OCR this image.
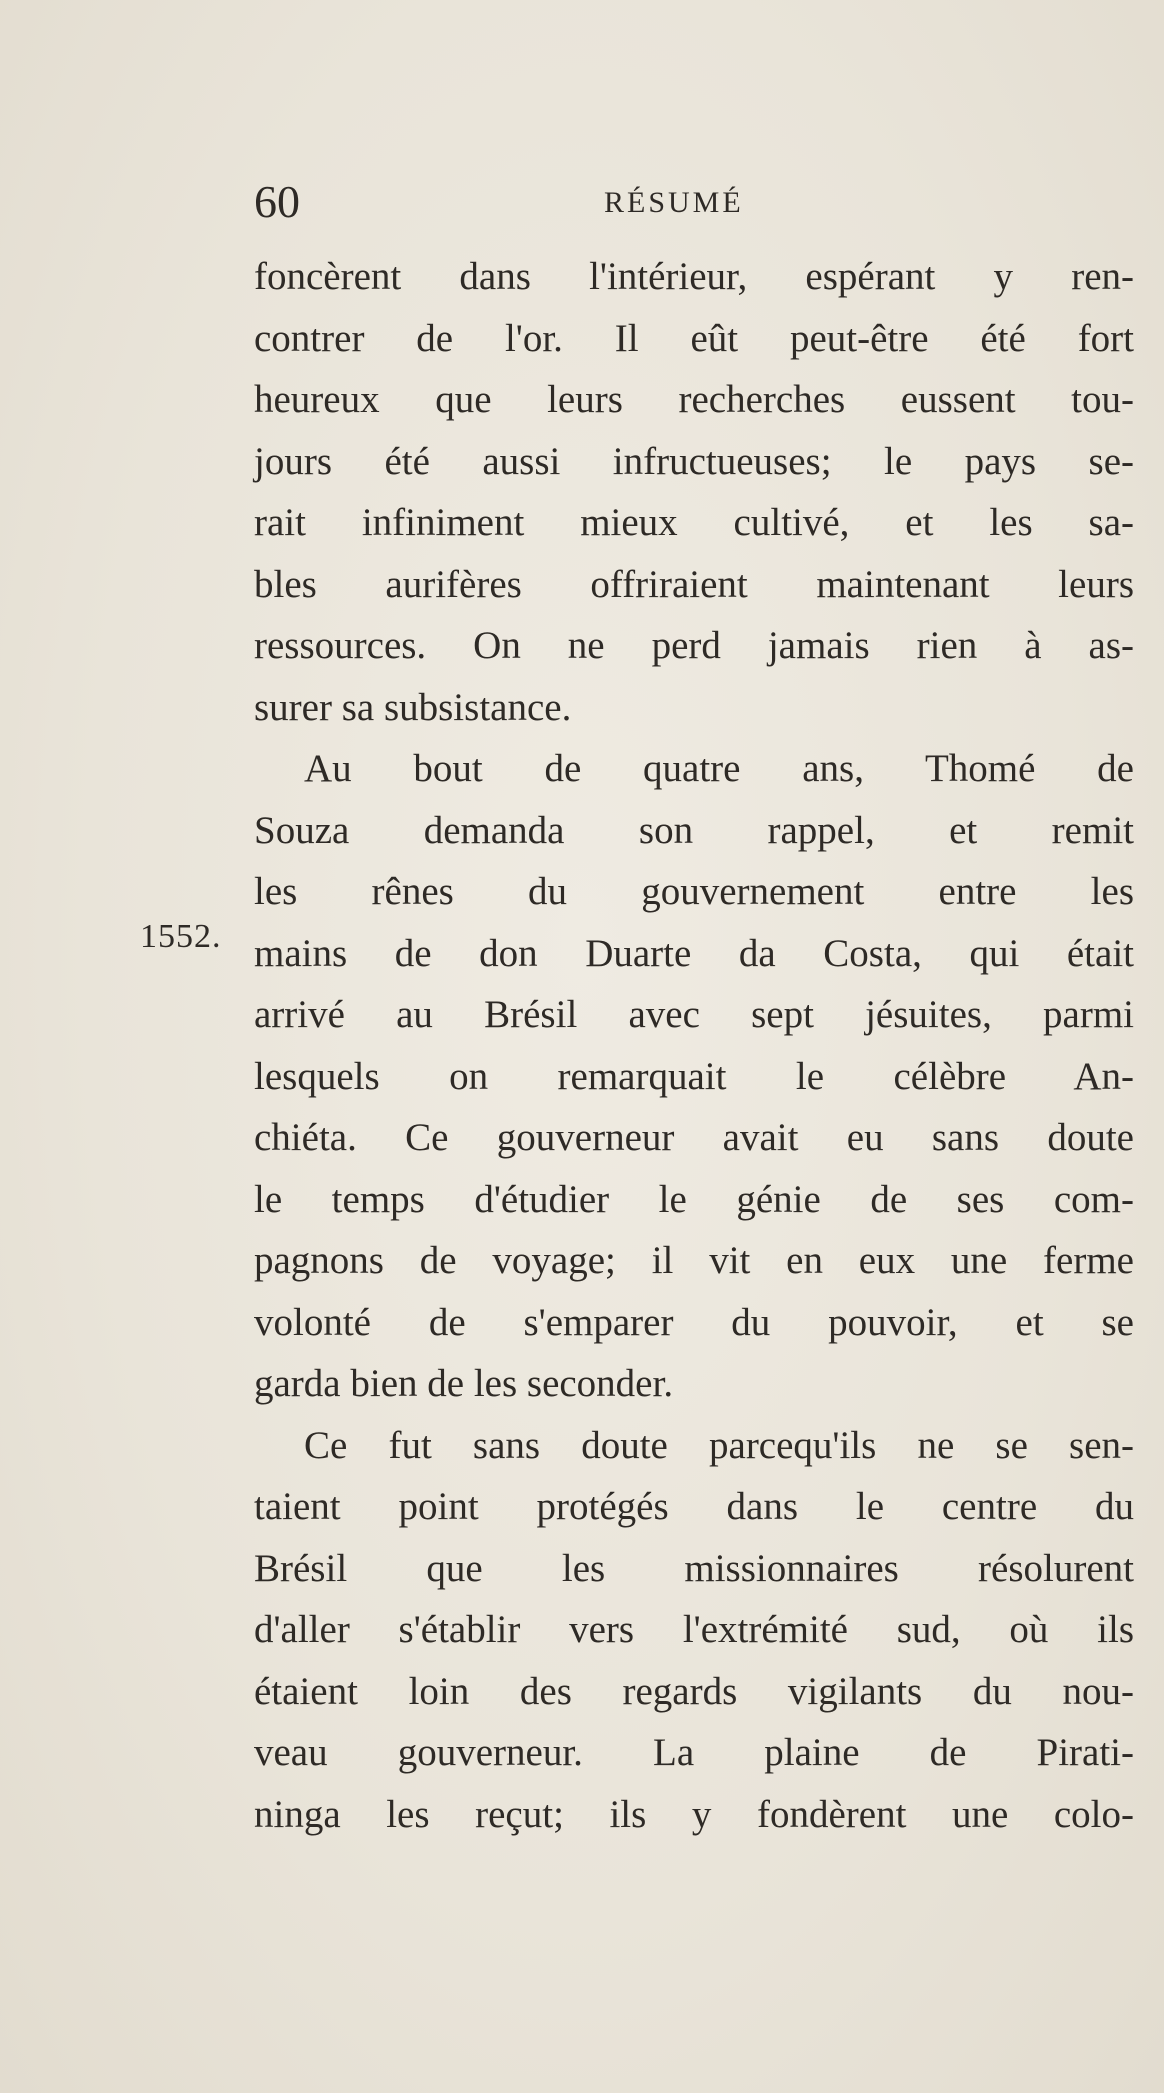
60	RÉSUMÉ
1552.
foncèrent dans l'intérieur, espérant y ren-
contrer de l'or. Il eût peut-être été fort
heureux que leurs recherches eussent tou-
jours été aussi infructueuses; le pays se-
rait infiniment mieux cultivé, et les sa-
bles aurifères offriraient maintenant leurs
ressources. On ne perd jamais rien à as-
surer sa subsistance.
Au bout de quatre ans, Thomé de
Souza demanda son rappel, et remit
les rênes du gouvernement entre les
mains de don Duarte da Costa, qui était
arrivé au Brésil avec sept jésuites, parmi
lesquels on remarquait le célèbre An-
chiéta. Ce gouverneur avait eu sans doute
le temps d'étudier le génie de ses com-
pagnons de voyage; il vit en eux une ferme
volonté de s'emparer du pouvoir, et se
garda bien de les seconder.
Ce fut sans doute parcequ'ils ne se sen-
taient point protégés dans le centre du
Brésil que les missionnaires résolurent
d'aller s'établir vers l'extrémité sud, où ils
étaient loin des regards vigilants du nou-
veau gouverneur. La plaine de Pirati-
ninga les reçut; ils y fondèrent une colo-
